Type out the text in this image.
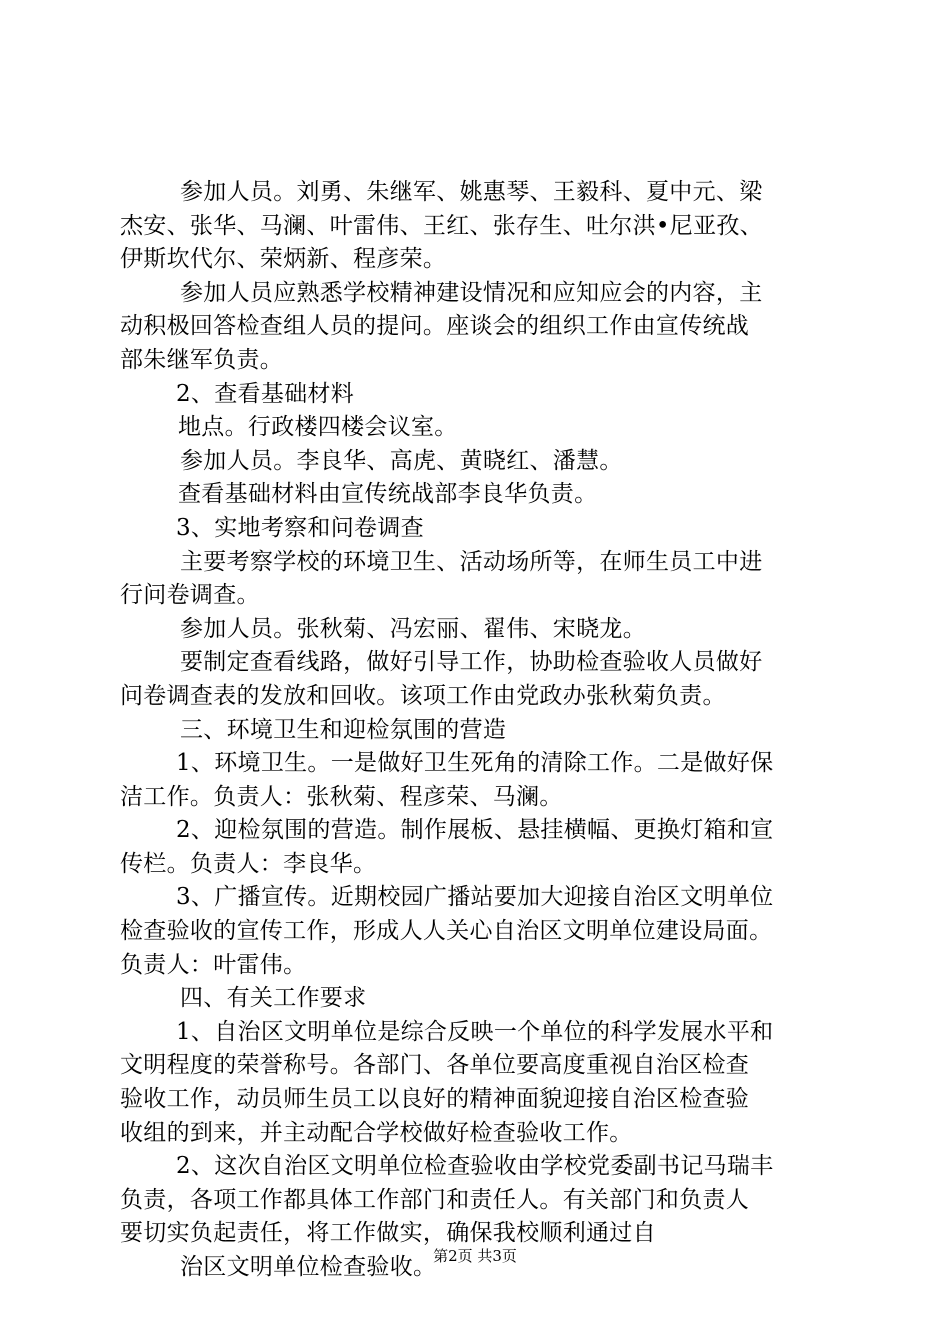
参加人员。刘勇、朱继军、姚惠琴、王毅科、夏中元、梁
杰安、张华、马澜、叶雷伟、王红、张存生、吐尔洪•尼亚孜、
伊斯坎代尔、荣炳新、程彦荣。
参加人员应熟悉学校精神建设情况和应知应会的内容，主
动积极回答检查组人员的提问。座谈会的组织工作由宣传统战
部朱继军负责。
2、查看基础材料
地点。行政楼四楼会议室。
参加人员。李良华、高虎、黄晓红、潘慧。
查看基础材料由宣传统战部李良华负责。
3、实地考察和问卷调查
主要考察学校的环境卫生、活动场所等，在师生员工中进
行问卷调查。
参加人员。张秋菊、冯宏丽、翟伟、宋晓龙。
要制定查看线路，做好引导工作，协助检查验收人员做好
问卷调查表的发放和回收。该项工作由党政办张秋菊负责。
三、环境卫生和迎检氛围的营造
1、环境卫生。一是做好卫生死角的清除工作。二是做好保
洁工作。负责人：张秋菊、程彦荣、马澜。
2、迎检氛围的营造。制作展板、悬挂横幅、更换灯箱和宣
传栏。负责人：李良华。
3、广播宣传。近期校园广播站要加大迎接自治区文明单位
检查验收的宣传工作，形成人人关心自治区文明单位建设局面。
负责人：叶雷伟。
四、有关工作要求
1、自治区文明单位是综合反映一个单位的科学发展水平和
文明程度的荣誉称号。各部门、各单位要高度重视自治区检查
验收工作，动员师生员工以良好的精神面貌迎接自治区检查验
收组的到来，并主动配合学校做好检查验收工作。
2、这次自治区文明单位检查验收由学校党委副书记马瑞丰
负责，各项工作都具体工作部门和责任人。有关部门和负责人
要切实负起责任，将工作做实，确保我校顺利通过自
治区文明单位检查验收。
第2页 共3页
